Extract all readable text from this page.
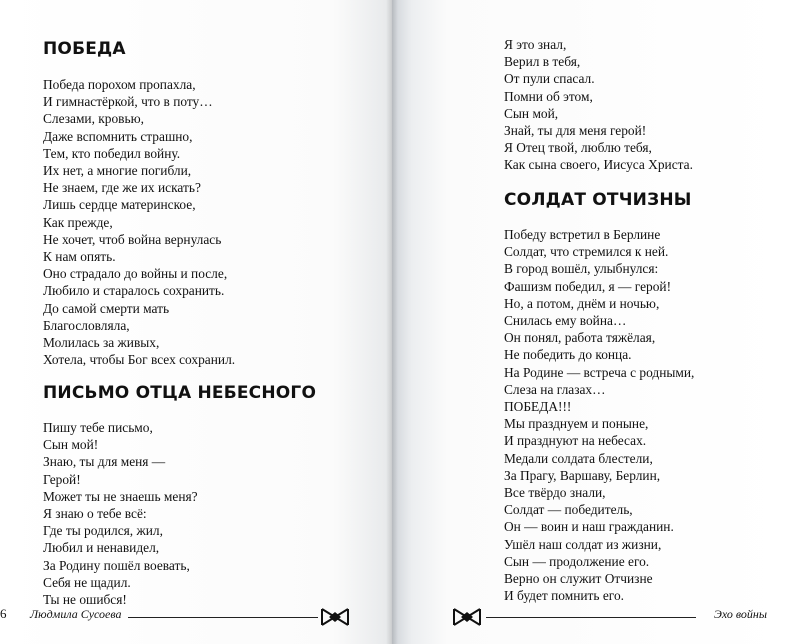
ПОБЕДА
Победа порохом пропахла,
И гимнастёркой, что в поту…
Слезами, кровью,
Даже вспомнить страшно,
Тем, кто победил войну.
Их нет, а многие погибли,
Не знаем, где же их искать?
Лишь сердце материнское,
Как прежде,
Не хочет, чтоб война вернулась
К нам опять.
Оно страдало до войны и после,
Любило и старалось сохранить.
До самой смерти мать
Благословляла,
Молилась за живых,
Хотела, чтобы Бог всех сохранил.
ПИСЬМО ОТЦА НЕБЕСНОГО
Пишу тебе письмо,
Сын мой!
Знаю, ты для меня —
Герой!
Может ты не знаешь меня?
Я знаю о тебе всё:
Где ты родился, жил,
Любил и ненавидел,
За Родину пошёл воевать,
Себя не щадил.
Ты не ошибся!
6 Людмила Сусоева
Я это знал,
Верил в тебя,
От пули спасал.
Помни об этом,
Сын мой,
Знай, ты для меня герой!
Я Отец твой, люблю тебя,
Как сына своего, Иисуса Христа.
СОЛДАТ ОТЧИЗНЫ
Победу встретил в Берлине
Солдат, что стремился к ней.
В город вошёл, улыбнулся:
Фашизм победил, я — герой!
Но, а потом, днём и ночью,
Снилась ему война…
Он понял, работа тяжёлая,
Не победить до конца.
На Родине — встреча с родными,
Слеза на глазах…
ПОБЕДА!!!
Мы празднуем и поныне,
И празднуют на небесах.
Медали солдата блестели,
За Прагу, Варшаву, Берлин,
Все твёрдо знали,
Солдат — победитель,
Он — воин и наш гражданин.
Ушёл наш солдат из жизни,
Сын — продолжение его.
Верно он служит Отчизне
И будет помнить его.
Эхо войны
